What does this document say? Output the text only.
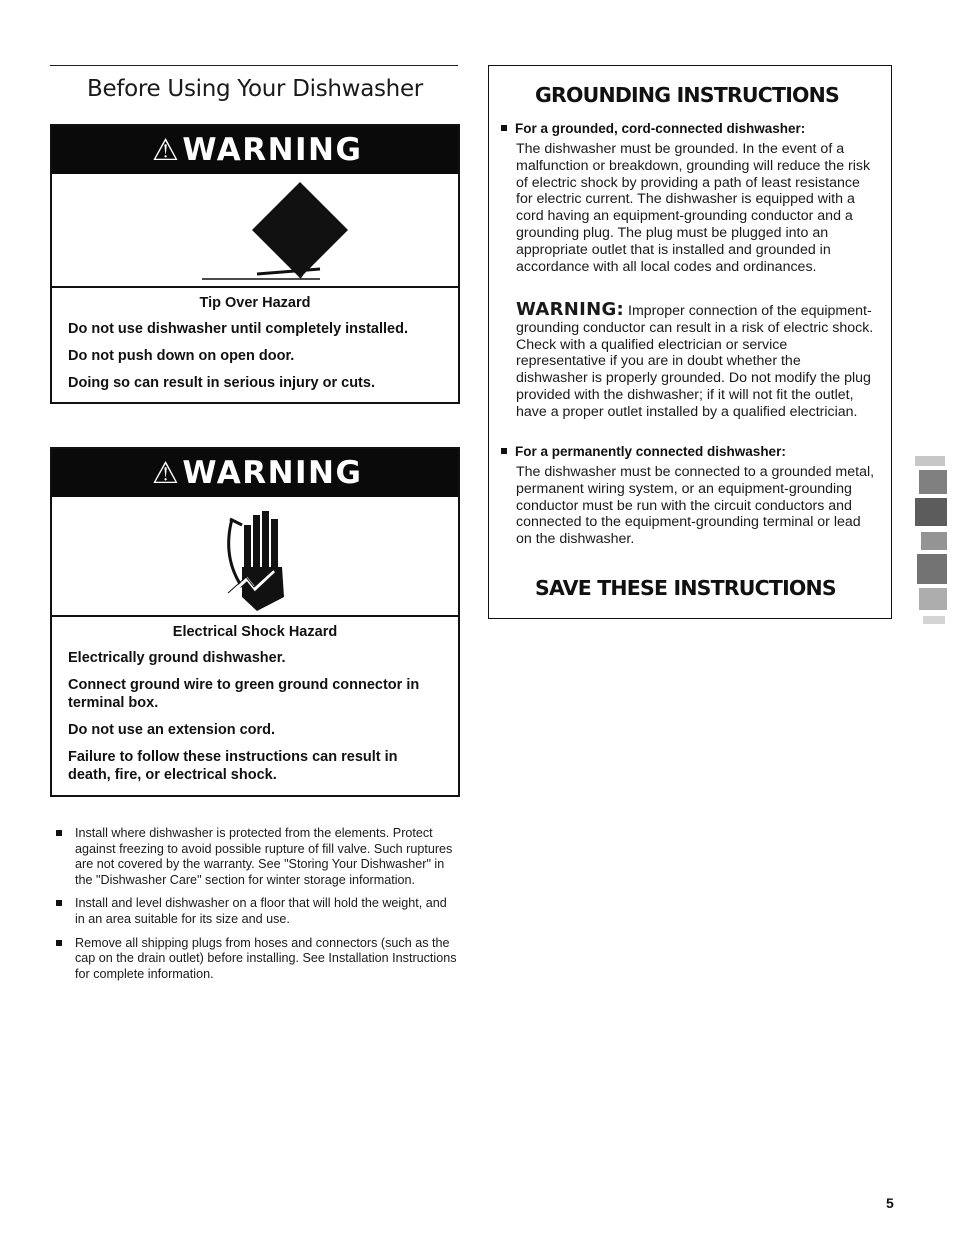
Before Using Your Dishwasher
⚠WARNING

Tip Over Hazard

Do not use dishwasher until completely installed.

Do not push down on open door.

Doing so can result in serious injury or cuts.

⚠WARNING

Electrical Shock Hazard

Electrically ground dishwasher.

Connect ground wire to green ground connector in terminal box.

Do not use an extension cord.

Failure to follow these instructions can result in death, fire, or electrical shock.

Install where dishwasher is protected from the elements. Protect against freezing to avoid possible rupture of fill valve. Such ruptures are not covered by the warranty. See "Storing Your Dishwasher" in the "Dishwasher Care" section for winter storage information.
Install and level dishwasher on a floor that will hold the weight, and in an area suitable for its size and use.
Remove all shipping plugs from hoses and connectors (such as the cap on the drain outlet) before installing. See Installation Instructions for complete information.
GROUNDING INSTRUCTIONS
For a grounded, cord-connected dishwasher:
The dishwasher must be grounded. In the event of a malfunction or breakdown, grounding will reduce the risk of electric shock by providing a path of least resistance for electric current. The dishwasher is equipped with a cord having an equipment-grounding conductor and a grounding plug. The plug must be plugged into an appropriate outlet that is installed and grounded in accordance with all local codes and ordinances.
WARNING: Improper connection of the equipment-grounding conductor can result in a risk of electric shock. Check with a qualified electrician or service representative if you are in doubt whether the dishwasher is properly grounded. Do not modify the plug provided with the dishwasher; if it will not fit the outlet, have a proper outlet installed by a qualified electrician.
For a permanently connected dishwasher:
The dishwasher must be connected to a grounded metal, permanent wiring system, or an equipment-grounding conductor must be run with the circuit conductors and connected to the equipment-grounding terminal or lead on the dishwasher.
SAVE THESE INSTRUCTIONS
5
